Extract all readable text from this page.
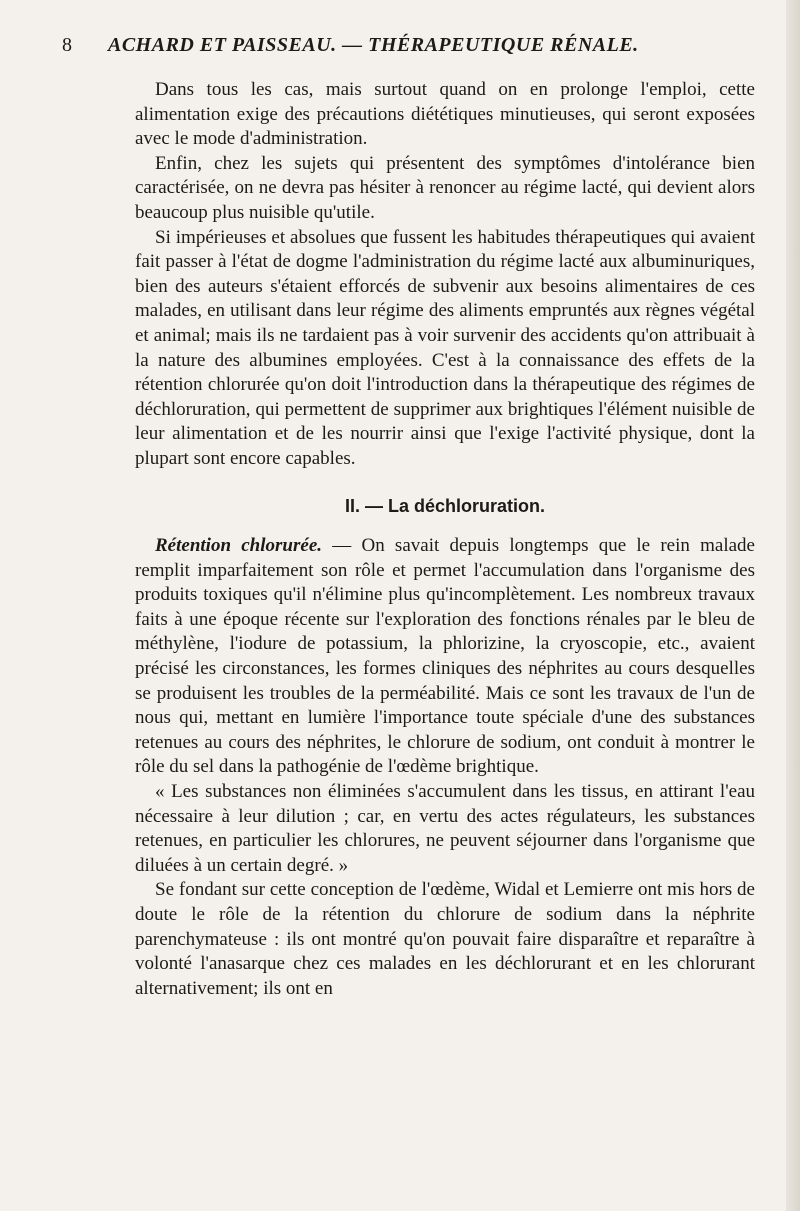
8 ACHARD ET PAISSEAU. — THÉRAPEUTIQUE RÉNALE.

Dans tous les cas, mais surtout quand on en prolonge l'emploi, cette alimentation exige des précautions diététiques minutieuses, qui seront exposées avec le mode d'administration.

Enfin, chez les sujets qui présentent des symptômes d'intolérance bien caractérisée, on ne devra pas hésiter à renoncer au régime lacté, qui devient alors beaucoup plus nuisible qu'utile.

Si impérieuses et absolues que fussent les habitudes thérapeutiques qui avaient fait passer à l'état de dogme l'administration du régime lacté aux albuminuriques, bien des auteurs s'étaient efforcés de subvenir aux besoins alimentaires de ces malades, en utilisant dans leur régime des aliments empruntés aux règnes végétal et animal; mais ils ne tardaient pas à voir survenir des accidents qu'on attribuait à la nature des albumines employées. C'est à la connaissance des effets de la rétention chlorurée qu'on doit l'introduction dans la thérapeutique des régimes de déchloruration, qui permettent de supprimer aux brightiques l'élément nuisible de leur alimentation et de les nourrir ainsi que l'exige l'activité physique, dont la plupart sont encore capables.

II. — La déchloruration.

Rétention chlorurée. — On savait depuis longtemps que le rein malade remplit imparfaitement son rôle et permet l'accumulation dans l'organisme des produits toxiques qu'il n'élimine plus qu'incomplètement. Les nombreux travaux faits à une époque récente sur l'exploration des fonctions rénales par le bleu de méthylène, l'iodure de potassium, la phlorizine, la cryoscopie, etc., avaient précisé les circonstances, les formes cliniques des néphrites au cours desquelles se produisent les troubles de la perméabilité. Mais ce sont les travaux de l'un de nous qui, mettant en lumière l'importance toute spéciale d'une des substances retenues au cours des néphrites, le chlorure de sodium, ont conduit à montrer le rôle du sel dans la pathogénie de l'œdème brightique.

« Les substances non éliminées s'accumulent dans les tissus, en attirant l'eau nécessaire à leur dilution ; car, en vertu des actes régulateurs, les substances retenues, en particulier les chlorures, ne peuvent séjourner dans l'organisme que diluées à un certain degré. »

Se fondant sur cette conception de l'œdème, Widal et Lemierre ont mis hors de doute le rôle de la rétention du chlorure de sodium dans la néphrite parenchymateuse : ils ont montré qu'on pouvait faire disparaître et reparaître à volonté l'anasarque chez ces malades en les déchlorurant et en les chlorurant alternativement; ils ont en
